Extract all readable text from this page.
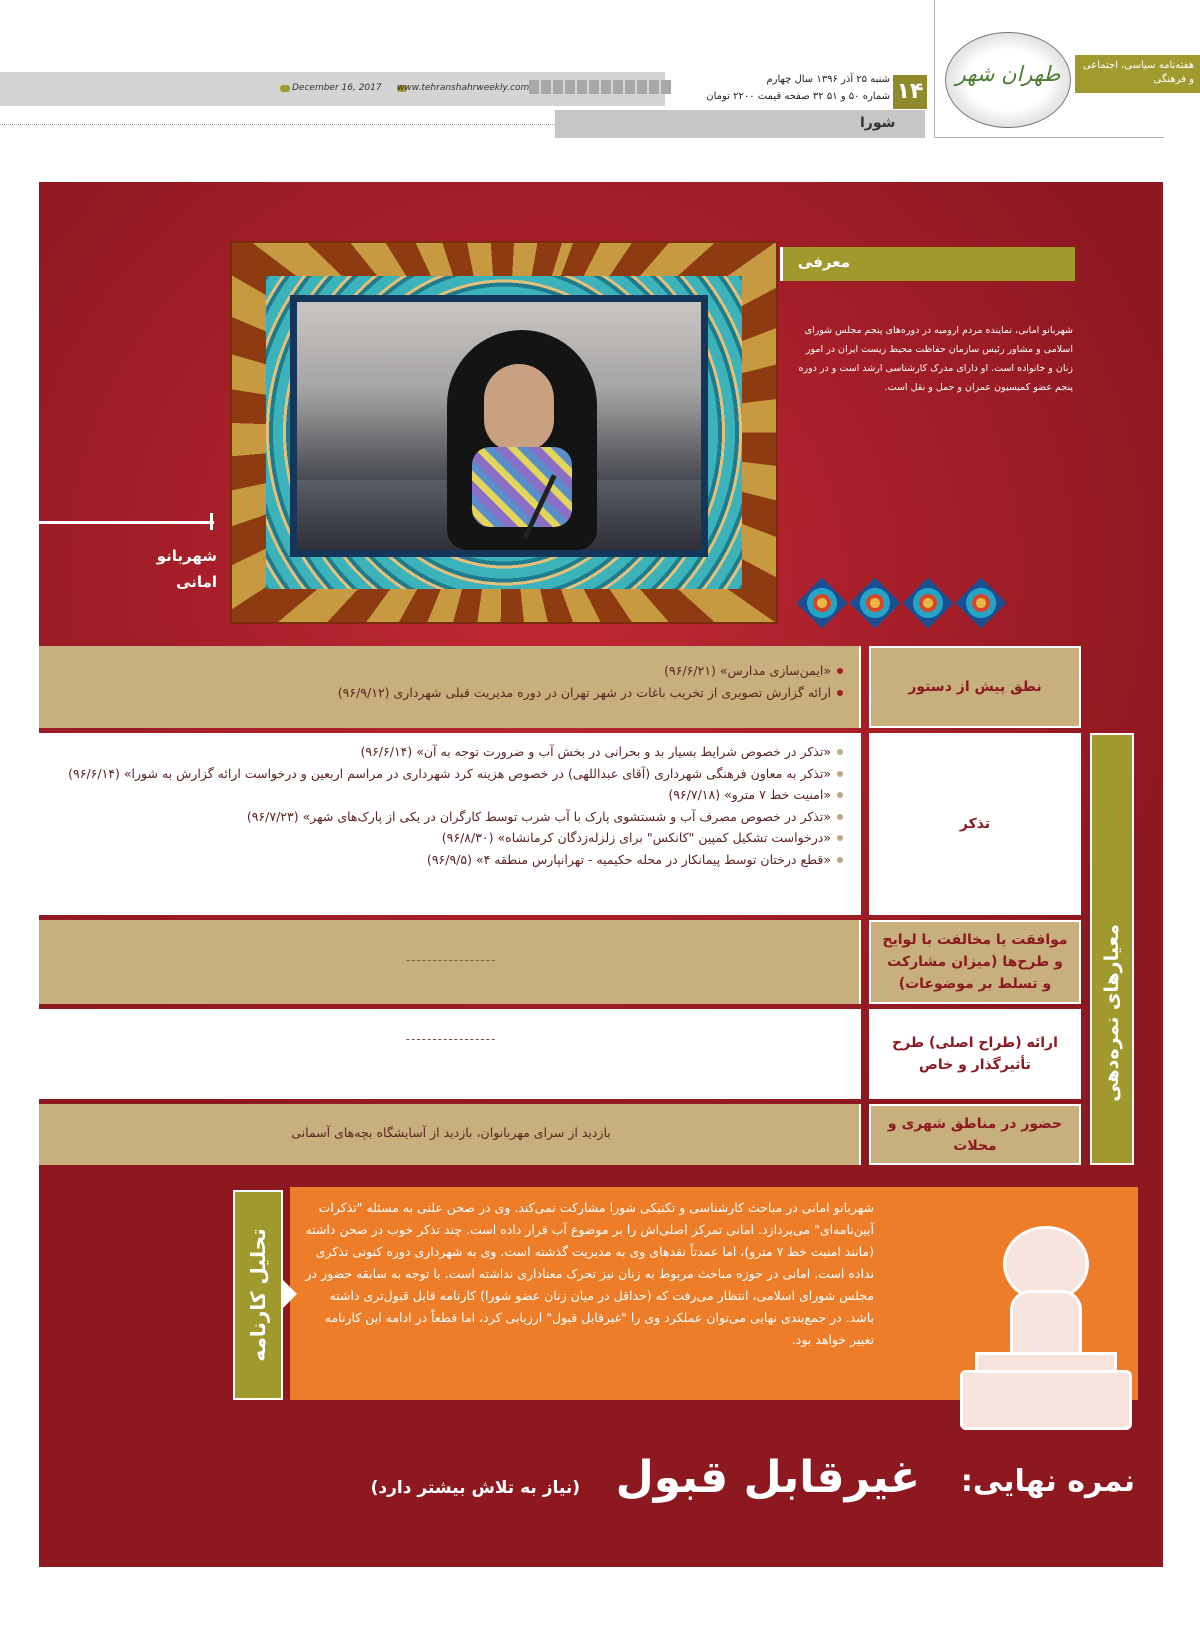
طهران شهر	هفته‌نامه سیاسی، اجتماعی و فرهنگی
۱۴
شنبه ۲۵ آذر ۱۳۹۶ سال چهارم
شماره ۵۰ و ۵۱ ۳۲ صفحه قیمت ۲۲۰۰ تومان
December 16, 2017	www.tehranshahrweekly.com
شورا
معرفی
شهربانو امانی، نماینده مردم ارومیه در دوره‌های پنجم مجلس شورای اسلامی و مشاور رئیس سازمان حفاظت محیط زیست ایران در امور زنان و خانواده است. او دارای مدرک کارشناسی ارشد است و در دوره پنجم عضو کمیسیون عمران و حمل و نقل است.
شهربانو
امانی
نطق پیش از دستور
«ایمن‌سازی مدارس» (۹۶/۶/۲۱)
ارائه گزارش تصویری از تخریب باغات در شهر تهران در دوره مدیریت قبلی شهرداری (۹۶/۹/۱۲)
تذکر
«تذکر در خصوص شرایط بسیار بد و بحرانی در بخش آب و ضرورت توجه به آن» (۹۶/۶/۱۴)
«تذکر به معاون فرهنگی شهرداری (آقای عبداللهی) در خصوص هزینه کرد شهرداری در مراسم اربعین و درخواست ارائه گزارش به شورا» (۹۶/۶/۱۴)
«امنیت خط ۷ مترو» (۹۶/۷/۱۸)
«تذکر در خصوص مصرف آب و شستشوی پارک با آب شرب توسط کارگران در یکی از پارک‌های شهر» (۹۶/۷/۲۳)
«درخواست تشکیل کمپین "کانکس" برای زلزله‌زدگان کرمانشاه» (۹۶/۸/۳۰)
«قطع درختان توسط پیمانکار در محله حکیمیه - تهرانپارس منطقه ۴» (۹۶/۹/۵)
موافقت یا مخالفت با لوایح و طرح‌ها (میزان مشارکت و تسلط بر موضوعات)
-----------------
ارائه (طراح اصلی) طرح تأثیرگذار و خاص
-----------------
حضور در مناطق شهری و محلات
بازدید از سرای مهربانوان، بازدید از آسایشگاه بچه‌های آسمانی
شهربانو امانی در مباحث کارشناسی و تکنیکی شورا مشارکت نمی‌کند. وی در صحن علنی به مسئله "تذکرات آیین‌نامه‌ای" می‌پردازد. امانی تمرکز اصلی‌اش را بر موضوع آب قرار داده است. چند تذکر خوب در صحن داشته (مانند امنیت خط ۷ مترو)، اما عمدتاً نقدهای وی به مدیریت گذشته است. وی به شهرداری دوره کنونی تذکری نداده است. امانی در حوزه مباحث مربوط به زنان نیز تحرک معناداری نداشته است. با توجه به سابقه حضور در مجلس شورای اسلامی، انتظار می‌رفت که (حداقل در میان زنان عضو شورا) کارنامه قابل قبول‌تری داشته باشد. در جمع‌بندی نهایی می‌توان عملکرد وی را "غیرقابل قبول" ارزیابی کرد، اما قطعاً در ادامه این کارنامه تغییر خواهد بود.
تحلیل کارنامه
نمره نهایی:
غیرقابل قبول
(نیاز به تلاش بیشتر دارد)
